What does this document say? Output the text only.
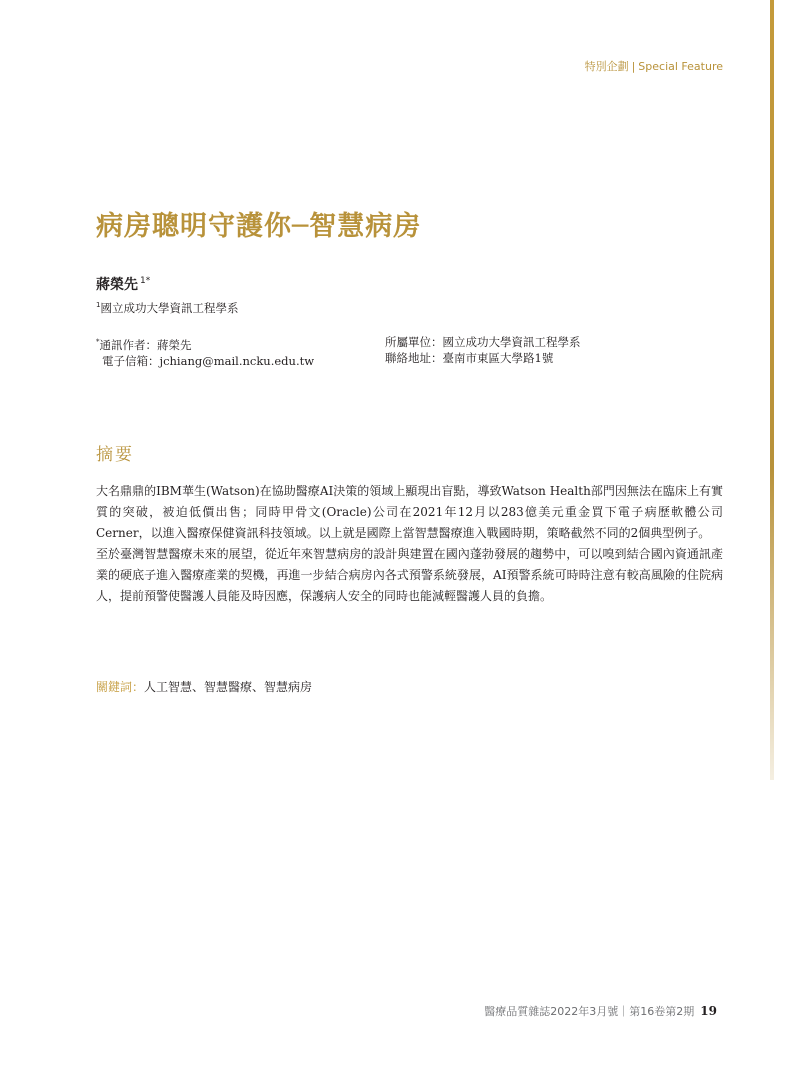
特別企劃 | Special Feature
病房聰明守護你─智慧病房
蔣榮先 $^{1*}$
$^1$國立成功大學資訊工程學系
*通訊作者：蔣榮先
電子信箱：jchiang@mail.ncku.edu.tw
所屬單位：國立成功大學資訊工程學系
聯絡地址：臺南市東區大學路1號
摘要

大名鼎鼎的IBM華生(Watson)在協助醫療AI決策的領域上顯現出盲點，導致Watson Health部門因無法在臨床上有實質的突破，被迫低價出售；同時甲骨文(Oracle)公司在2021年12月以283億美元重金買下電子病歷軟體公司Cerner，以進入醫療保健資訊科技領域。以上就是國際上當智慧醫療進入戰國時期，策略截然不同的2個典型例子。

至於臺灣智慧醫療未來的展望，從近年來智慧病房的設計與建置在國內蓬勃發展的趨勢中，可以嗅到結合國內資通訊產業的硬底子進入醫療產業的契機，再進一步結合病房內各式預警系統發展，AI預警系統可時時注意有較高風險的住院病人，提前預警使醫護人員能及時因應，保護病人安全的同時也能減輕醫護人員的負擔。

關鍵詞：人工智慧、智慧醫療、智慧病房
醫療品質雜誌2022年3月號｜第16卷第2期 19
